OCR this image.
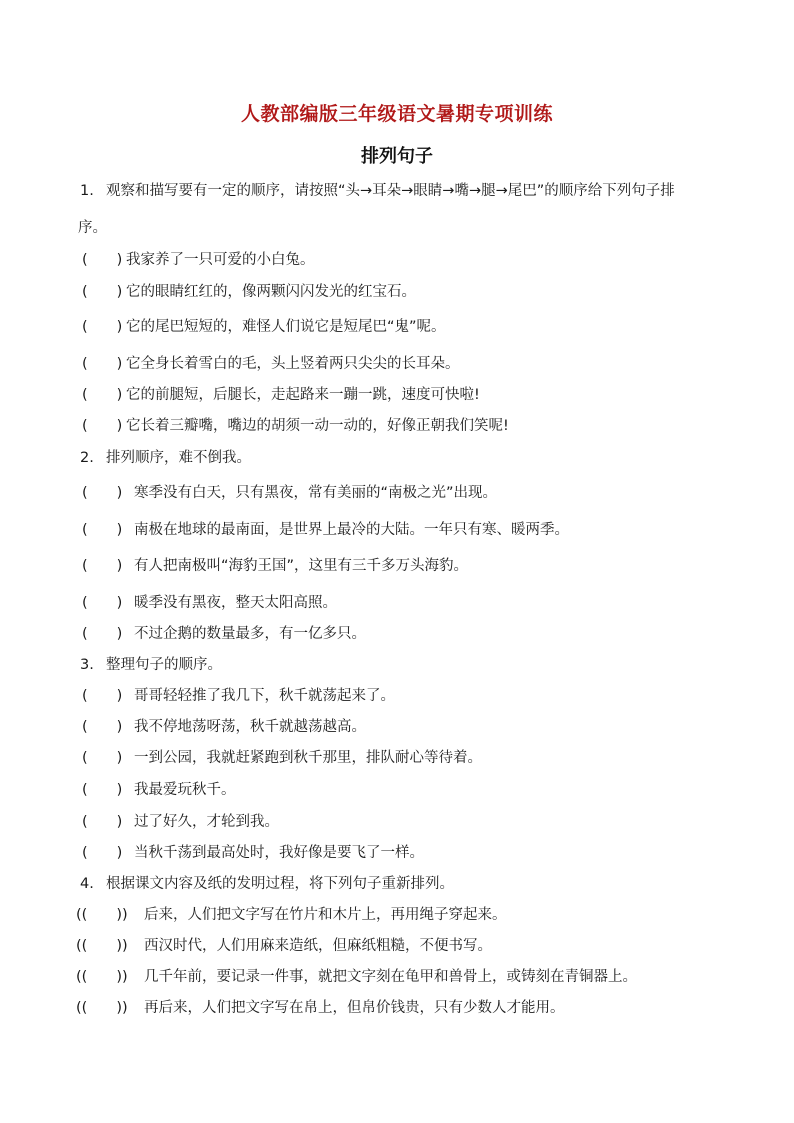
人教部编版三年级语文暑期专项训练
排列句子
1. 观察和描写要有一定的顺序，请按照“头→耳朵→眼睛→嘴→腿→尾巴”的顺序给下列句子排
序。
(　　) 我家养了一只可爱的小白兔。
(　　) 它的眼睛红红的，像两颗闪闪发光的红宝石。
(　　) 它的尾巴短短的，难怪人们说它是短尾巴“鬼”呢。
(　　) 它全身长着雪白的毛，头上竖着两只尖尖的长耳朵。
(　　) 它的前腿短，后腿长，走起路来一蹦一跳，速度可快啦!
(　　) 它长着三瓣嘴，嘴边的胡须一动一动的，好像正朝我们笑呢!
2. 排列顺序，难不倒我。
(　　) 寒季没有白天，只有黑夜，常有美丽的“南极之光”出现。
(　　) 南极在地球的最南面，是世界上最冷的大陆。一年只有寒、暖两季。
(　　) 有人把南极叫“海豹王国”，这里有三千多万头海豹。
(　　) 暖季没有黑夜，整天太阳高照。
(　　) 不过企鹅的数量最多，有一亿多只。
3. 整理句子的顺序。
(　　) 哥哥轻轻推了我几下，秋千就荡起来了。
(　　) 我不停地荡呀荡，秋千就越荡越高。
(　　) 一到公园，我就赶紧跑到秋千那里，排队耐心等待着。
(　　) 我最爱玩秋千。
(　　) 过了好久，才轮到我。
(　　) 当秋千荡到最高处时，我好像是要飞了一样。
4. 根据课文内容及纸的发明过程，将下列句子重新排列。
((　　)) 后来，人们把文字写在竹片和木片上，再用绳子穿起来。
((　　)) 西汉时代，人们用麻来造纸，但麻纸粗糙，不便书写。
((　　)) 几千年前，要记录一件事，就把文字刻在龟甲和兽骨上，或铸刻在青铜器上。
((　　)) 再后来，人们把文字写在帛上，但帛价钱贵，只有少数人才能用。
